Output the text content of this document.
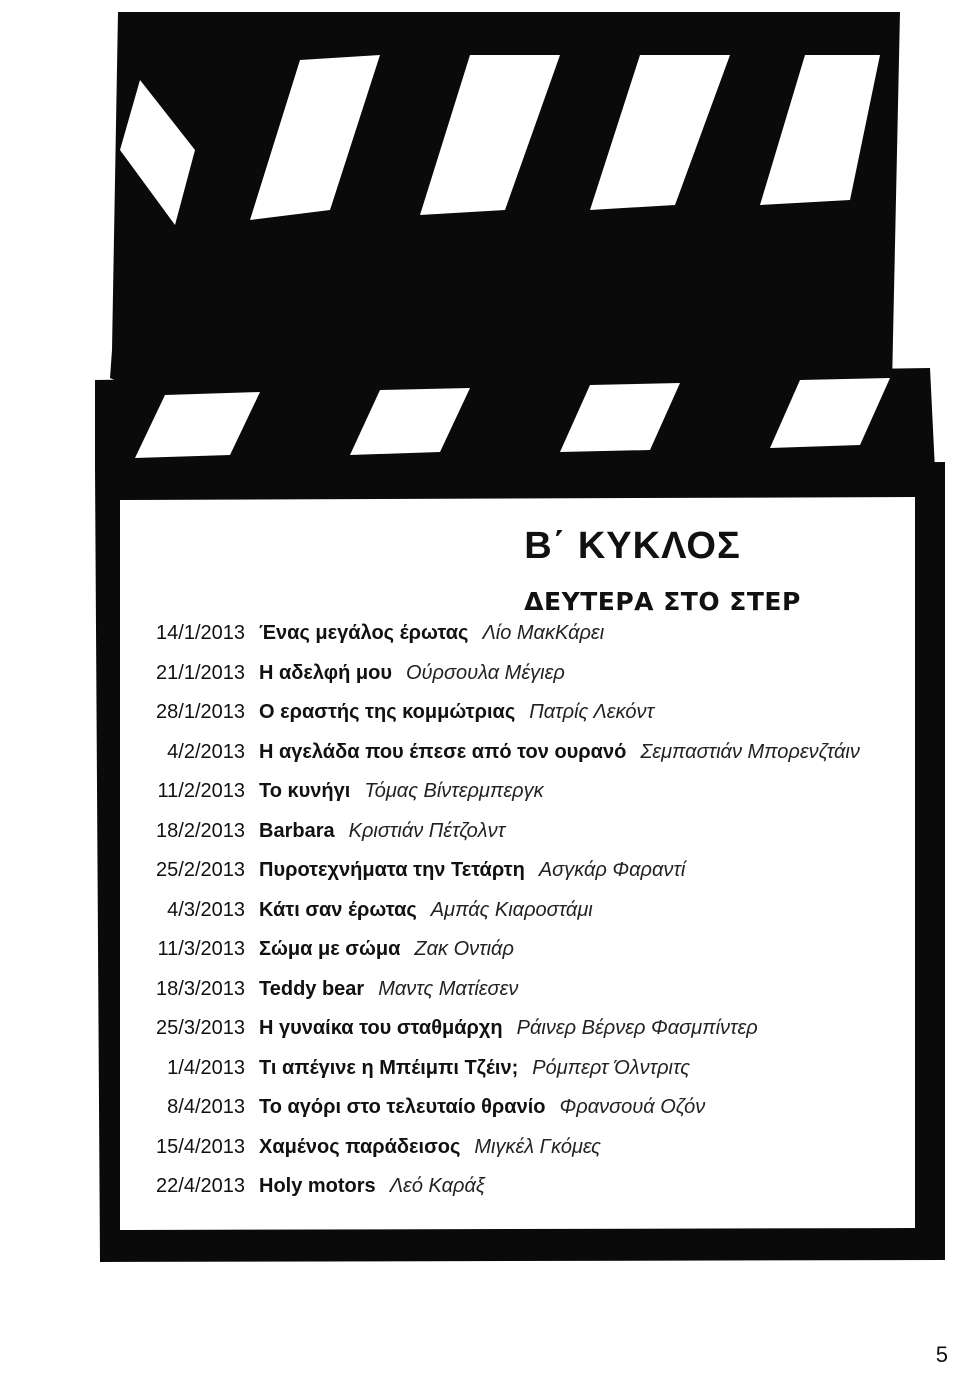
Β΄ ΚΥΚΛΟΣ
ΔΕΥΤΕΡΑ ΣΤΟ ΣΤΕΡ
14/1/2013 Ένας μεγάλος έρωτας Λίο ΜακΚάρει
21/1/2013 Η αδελφή μου Ούρσουλα Μέγιερ
28/1/2013 Ο εραστής της κομμώτριας Πατρίς Λεκόντ
4/2/2013 Η αγελάδα που έπεσε από τον ουρανό Σεμπαστιάν Μπορενζτάιν
11/2/2013 Το κυνήγι Τόμας Βίντερμπεργκ
18/2/2013 Barbara Κριστιάν Πέτζολντ
25/2/2013 Πυροτεχνήματα την Τετάρτη Ασγκάρ Φαραντί
4/3/2013 Κάτι σαν έρωτας Αμπάς Κιαροστάμι
11/3/2013 Σώμα με σώμα Ζακ Οντιάρ
18/3/2013 Teddy bear Μαντς Ματίεσεν
25/3/2013 Η γυναίκα του σταθμάρχη Ράινερ Βέρνερ Φασμπίντερ
1/4/2013 Τι απέγινε η Μπέιμπι Τζέιν; Ρόμπερτ Όλντριτς
8/4/2013 Το αγόρι στο τελευταίο θρανίο Φρανσουά Οζόν
15/4/2013 Χαμένος παράδεισος Μιγκέλ Γκόμες
22/4/2013 Holy motors Λεό Καράξ
5
